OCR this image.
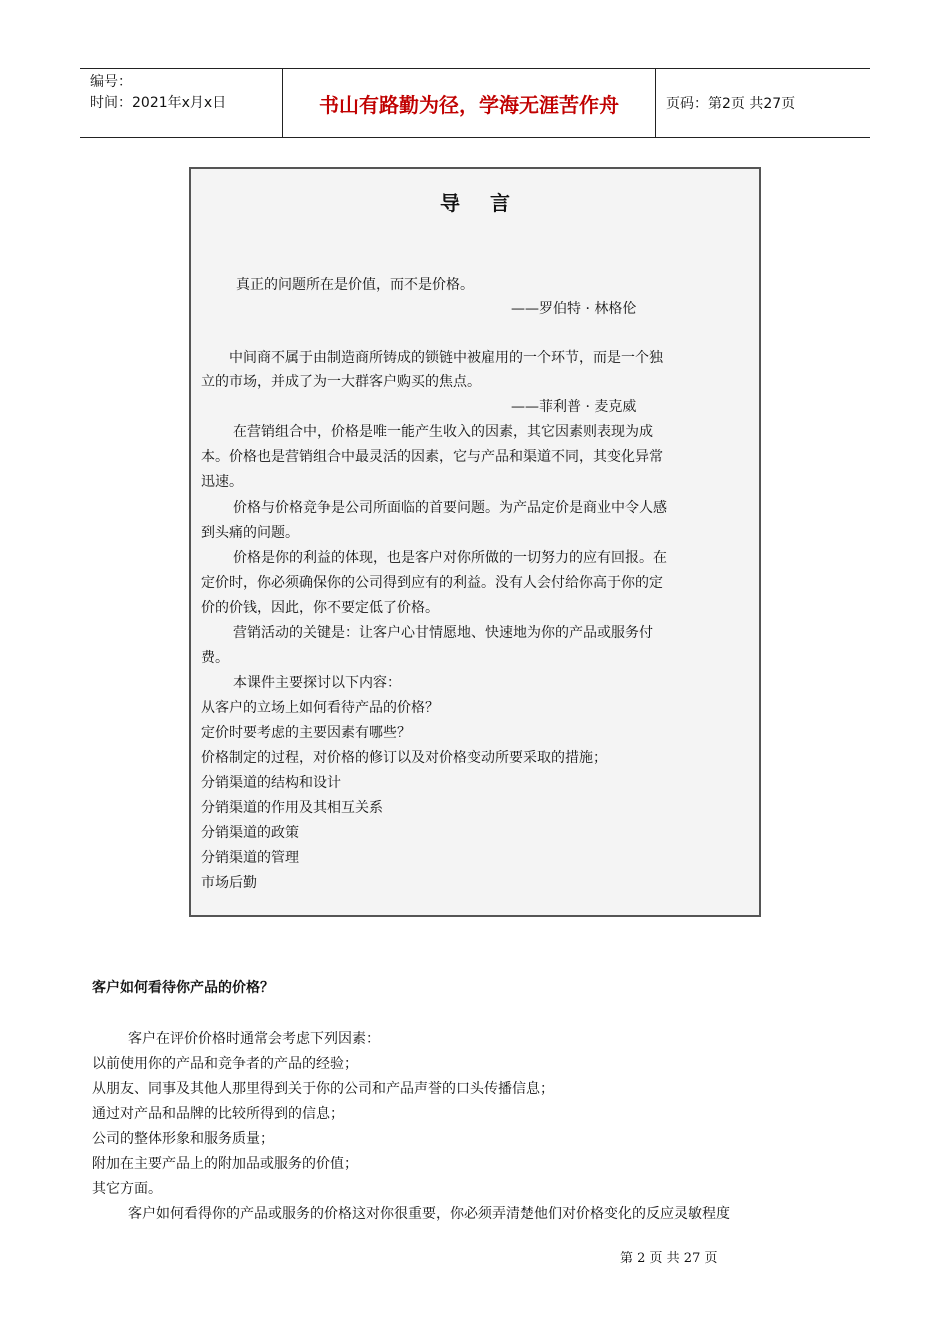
编号：
时间：2021年x月x日	书山有路勤为径，学海无涯苦作舟	页码：第2页 共27页
导言
真正的问题所在是价值，而不是价格。
——罗伯特 · 林格伦
中间商不属于由制造商所铸成的锁链中被雇用的一个环节，而是一个独
立的市场，并成了为一大群客户购买的焦点。
——菲利普 · 麦克威
在营销组合中，价格是唯一能产生收入的因素，其它因素则表现为成
本。价格也是营销组合中最灵活的因素，它与产品和渠道不同，其变化异常
迅速。
价格与价格竞争是公司所面临的首要问题。为产品定价是商业中令人感
到头痛的问题。
价格是你的利益的体现，也是客户对你所做的一切努力的应有回报。在
定价时，你必须确保你的公司得到应有的利益。没有人会付给你高于你的定
价的价钱，因此，你不要定低了价格。
营销活动的关键是：让客户心甘情愿地、快速地为你的产品或服务付
费。
本课件主要探讨以下内容：
从客户的立场上如何看待产品的价格？
定价时要考虑的主要因素有哪些？
价格制定的过程，对价格的修订以及对价格变动所要采取的措施；
分销渠道的结构和设计
分销渠道的作用及其相互关系
分销渠道的政策
分销渠道的管理
市场后勤
客户如何看待你产品的价格？
客户在评价价格时通常会考虑下列因素：
以前使用你的产品和竞争者的产品的经验；
从朋友、同事及其他人那里得到关于你的公司和产品声誉的口头传播信息；
通过对产品和品牌的比较所得到的信息；
公司的整体形象和服务质量；
附加在主要产品上的附加品或服务的价值；
其它方面。
客户如何看得你的产品或服务的价格这对你很重要，你必须弄清楚他们对价格变化的反应灵敏程度
第 2 页 共 27 页
